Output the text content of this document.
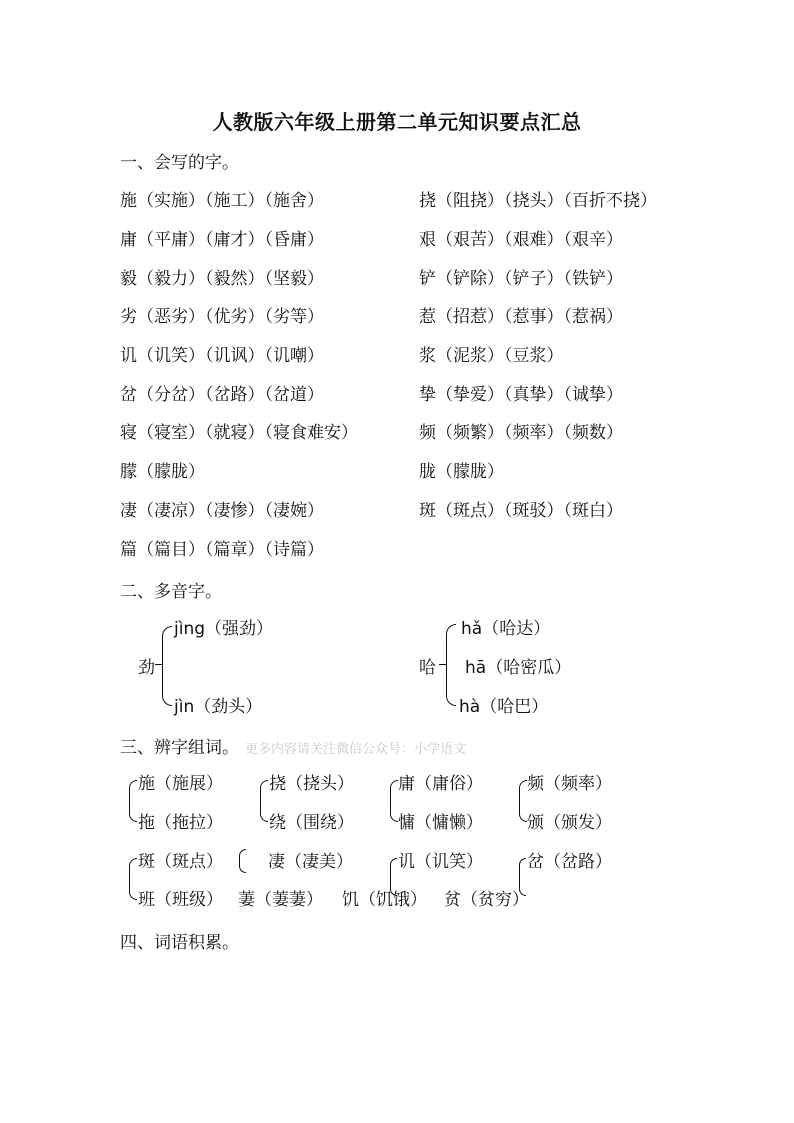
人教版六年级上册第二单元知识要点汇总
一、会写的字。
施（实施）（施工）（施舍）
庸（平庸）（庸才）（昏庸）
毅（毅力）（毅然）（坚毅）
劣（恶劣）（优劣）（劣等）
讥（讥笑）（讥讽）（讥嘲）
岔（分岔）（岔路）（岔道）
寝（寝室）（就寝）（寝食难安）
朦（朦胧）
凄（凄凉）（凄惨）（凄婉）
篇（篇目）（篇章）（诗篇）
挠（阻挠）（挠头）（百折不挠）
艰（艰苦）（艰难）（艰辛）
铲（铲除）（铲子）（铁铲）
惹（招惹）（惹事）（惹祸）
浆（泥浆）（豆浆）
挚（挚爱）（真挚）（诚挚）
频（频繁）（频率）（频数）
胧（朦胧）
斑（斑点）（斑驳）（斑白）
二、多音字。
劲
jìng（强劲）
jìn（劲头）
哈
hǎ（哈达）
hā（哈密瓜）
hà（哈巴）
三、辨字组词。 更多内容请关注微信公众号：小学语文
施（施展）
拖（拖拉）
挠（挠头）
绕（围绕）
庸（庸俗）
慵（慵懒）
频（频率）
颁（颁发）
斑（斑点）
班（班级）
凄（凄美）
萋（萋萋）
讥（讥笑）
饥（饥饿）
岔（岔路）
贫（贫穷）
四、词语积累。
